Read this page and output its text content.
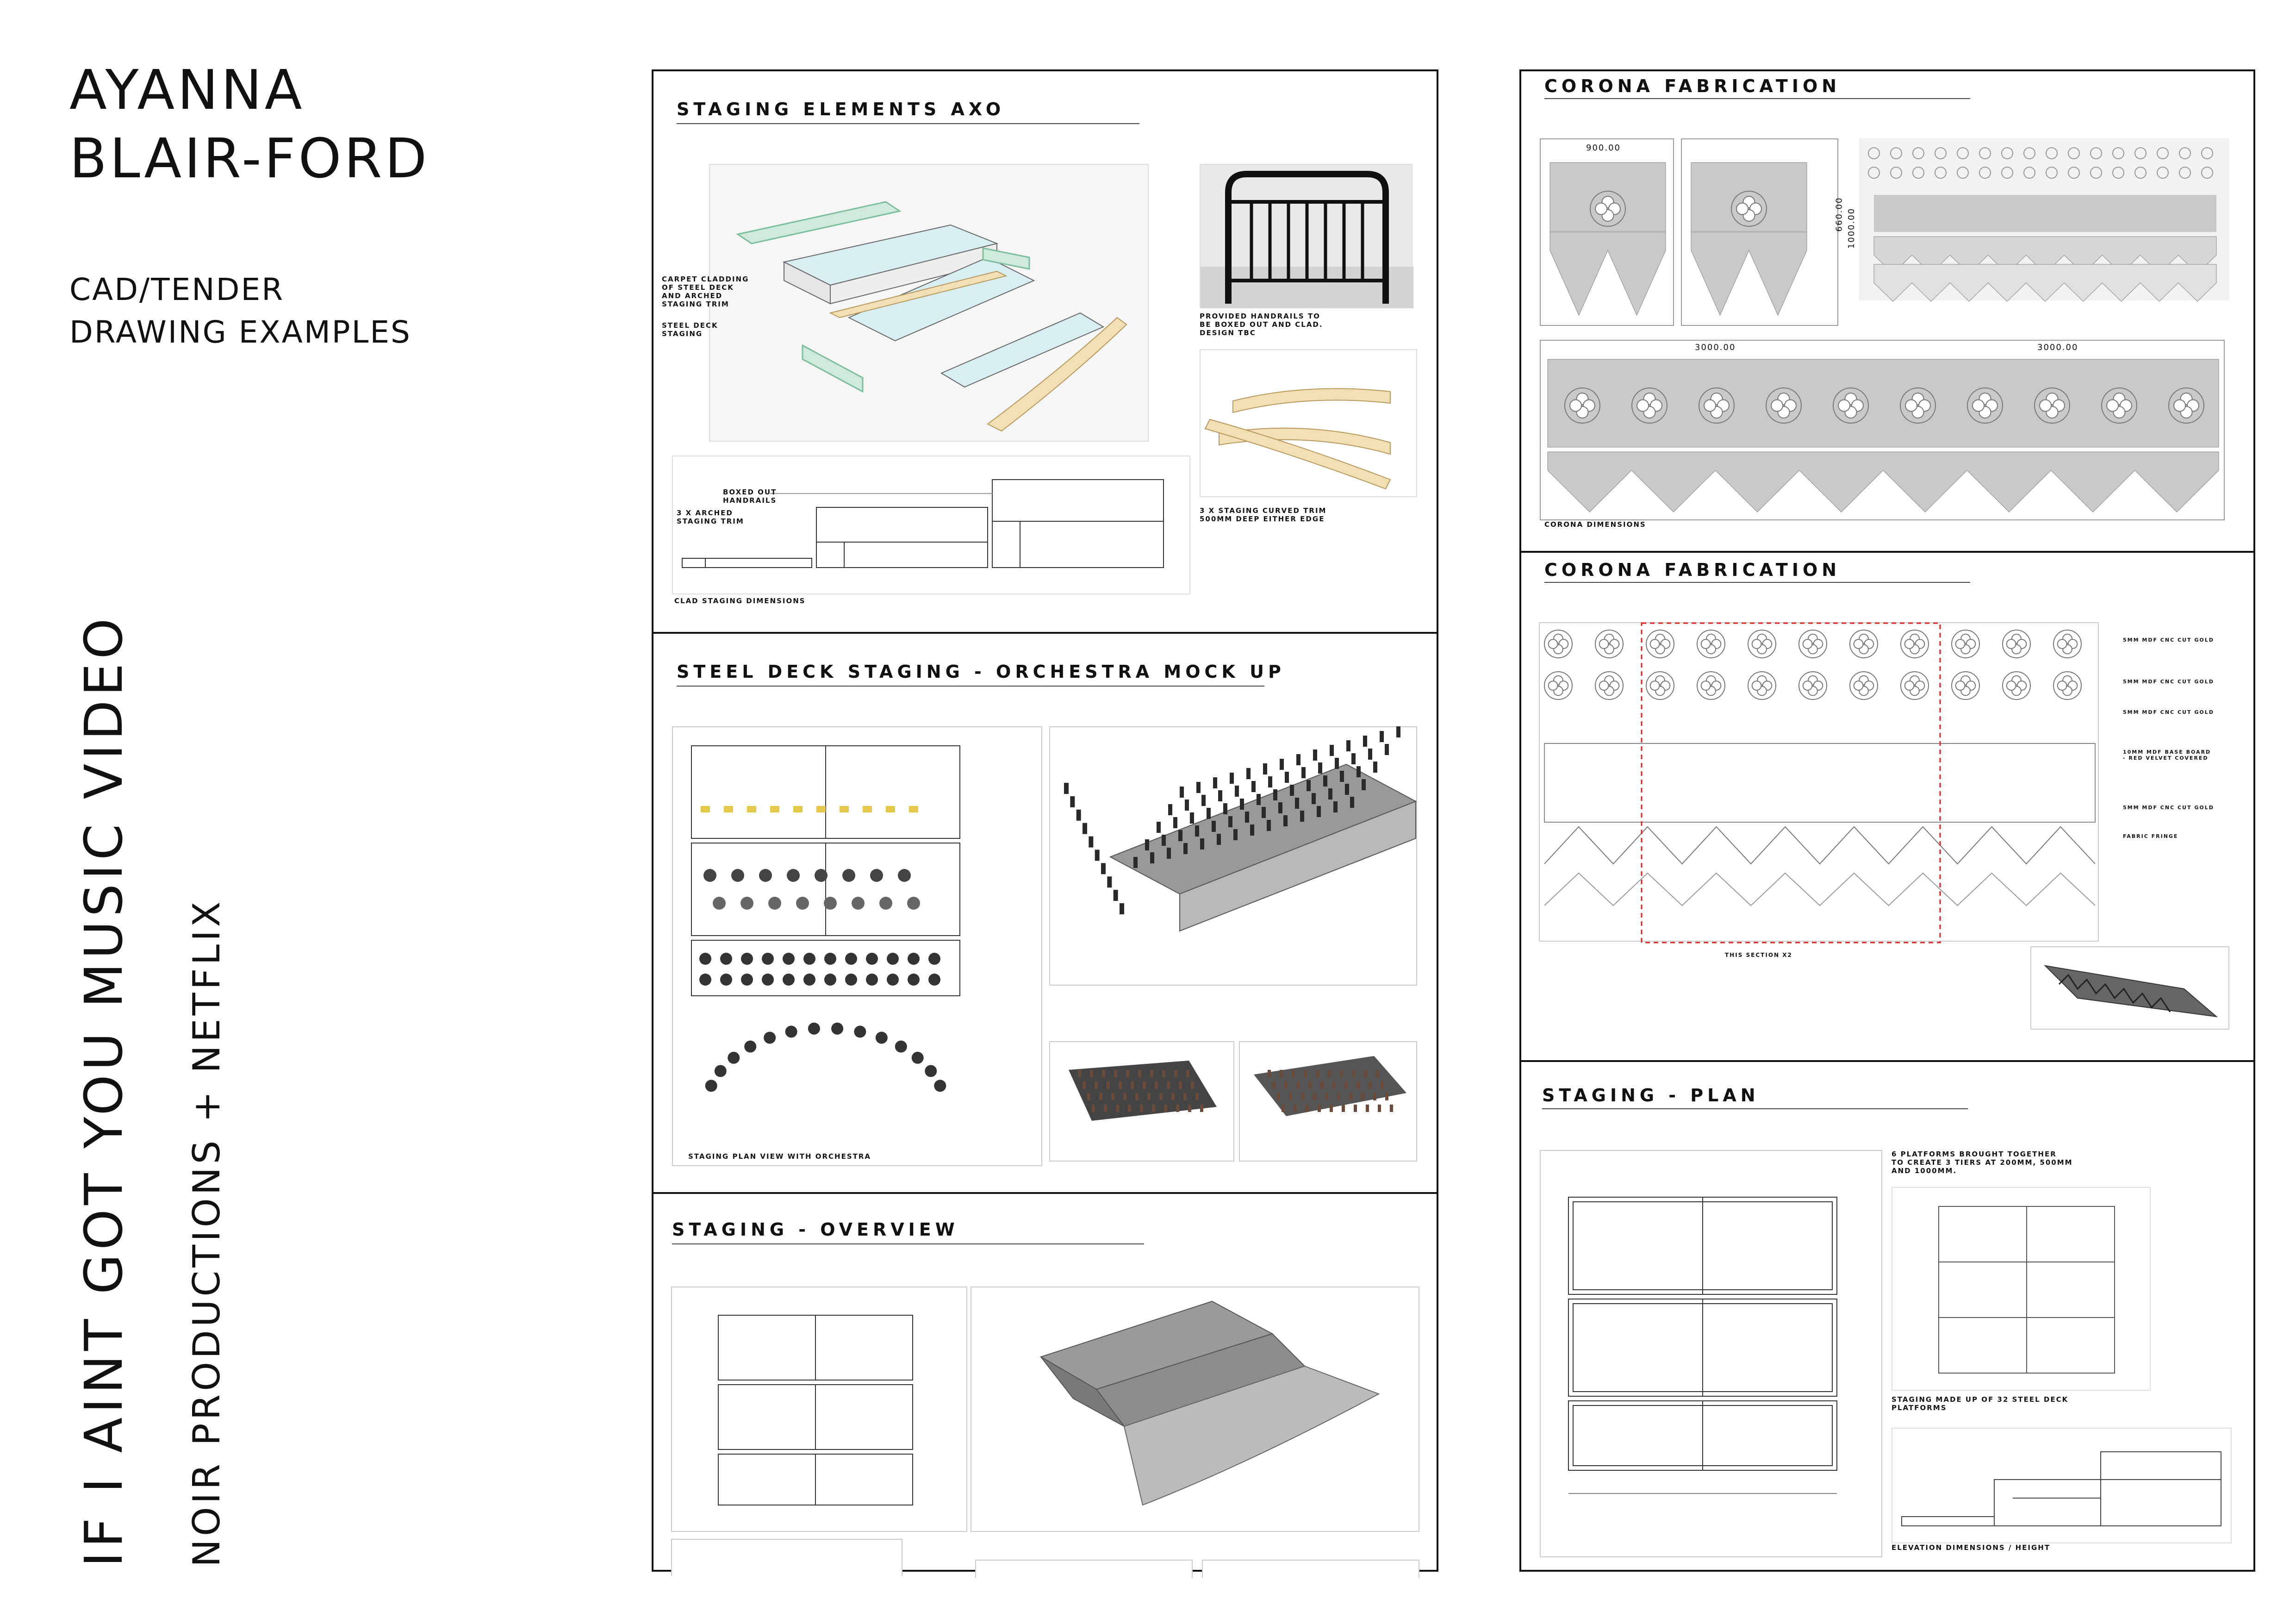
AYANNA
BLAIR-FORD
CAD/TENDER
DRAWING EXAMPLES
IF I AINT GOT YOU MUSIC VIDEO NOIR PRODUCTIONS + NETFLIX
STAGING ELEMENTS AXO
CARPET CLADDING
OF STEEL DECK
AND ARCHED
STAGING TRIM
STEEL DECK
STAGING
PROVIDED HANDRAILS TO
BE BOXED OUT AND CLAD.
DESIGN TBC
3 X STAGING CURVED TRIM
500MM DEEP EITHER EDGE
BOXED OUT
HANDRAILS
3 X ARCHED
STAGING TRIM
CLAD STAGING DIMENSIONS
STEEL DECK STAGING - ORCHESTRA MOCK UP
STAGING PLAN VIEW WITH ORCHESTRA
STAGING - OVERVIEW
CORONA FABRICATION
900.00
660.00 1000.00
3000.00	3000.00
CORONA DIMENSIONS
CORONA FABRICATION
5MM MDF CNC CUT GOLD
5MM MDF CNC CUT GOLD
5MM MDF CNC CUT GOLD
10MM MDF BASE BOARD
- RED VELVET COVERED
5MM MDF CNC CUT GOLD
FABRIC FRINGE
THIS SECTION X2
STAGING - PLAN
6 PLATFORMS BROUGHT TOGETHER
TO CREATE 3 TIERS AT 200MM, 500MM
AND 1000MM.
STAGING MADE UP OF 32 STEEL DECK
PLATFORMS
ELEVATION DIMENSIONS / HEIGHT
